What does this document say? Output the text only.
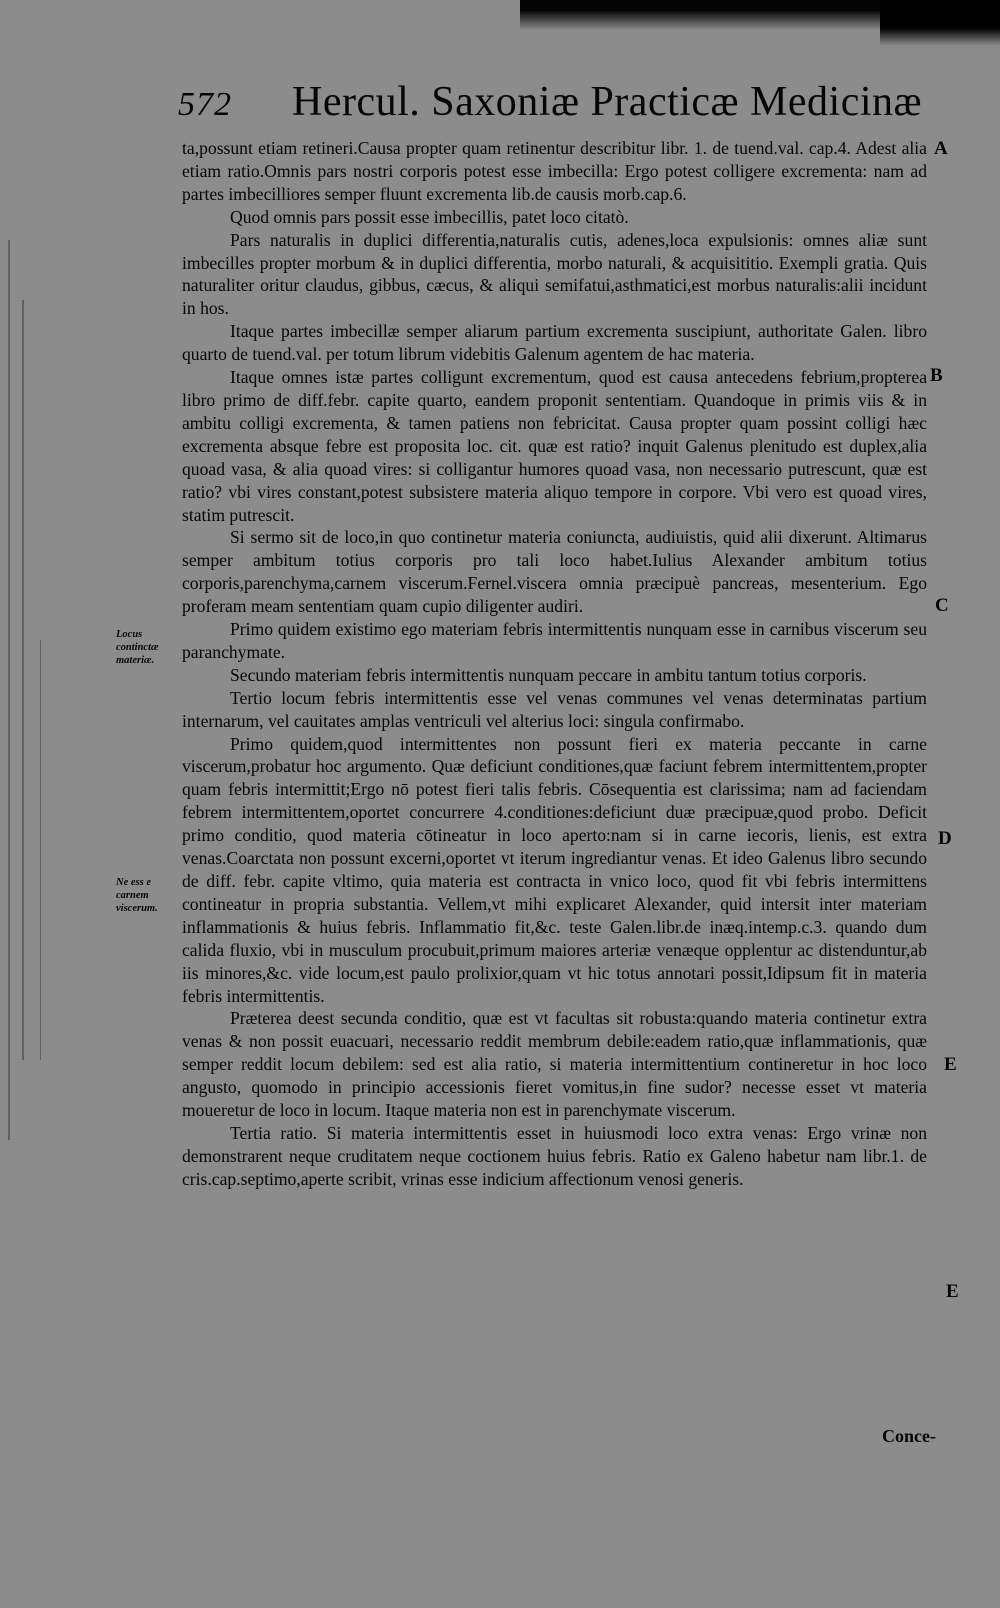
572 Hercul. Saxoniæ Practicæ Medicinæ

ta,possunt etiam retineri.Causa propter quam retinentur describitur libr. 1. de tuend.val. cap.4. Adest alia etiam ratio.Omnis pars nostri corporis potest esse imbecilla: Ergo potest colligere excrementa: nam ad partes imbecilliores semper fluunt excrementa lib.de causis morb.cap.6.

Quod omnis pars possit esse imbecillis, patet loco citatò.

Pars naturalis in duplici differentia,naturalis cutis, adenes,loca expulsionis: omnes aliæ sunt imbecilles propter morbum & in duplici differentia, morbo naturali, & acquisititio. Exempli gratia. Quis naturaliter oritur claudus, gibbus, cæcus, & aliqui semifatui,asthmatici,est morbus naturalis:alii incidunt in hos.

Itaque partes imbecillæ semper aliarum partium excrementa suscipiunt, authoritate Galen. libro quarto de tuend.val. per totum librum videbitis Galenum agentem de hac materia.

Itaque omnes istæ partes colligunt excrementum, quod est causa antecedens febrium,propterea libro primo de diff.febr. capite quarto, eandem proponit sententiam. Quandoque in primis viis & in ambitu colligi excrementa, & tamen patiens non febricitat. Causa propter quam possint colligi hæc excrementa absque febre est proposita loc. cit. quæ est ratio? inquit Galenus plenitudo est duplex,alia quoad vasa, & alia quoad vires: si colligantur humores quoad vasa, non necessario putrescunt, quæ est ratio? vbi vires constant,potest subsistere materia aliquo tempore in corpore. Vbi vero est quoad vires, statim putrescit.

Si sermo sit de loco,in quo continetur materia coniuncta, audiuistis, quid alii dixerunt. Altimarus semper ambitum totius corporis pro tali loco habet.Iulius Alexander ambitum totius corporis,parenchyma,carnem viscerum.Fernel.viscera omnia præcipuè pancreas, mesenterium. Ego proferam meam sententiam quam cupio diligenter audiri.

Primo quidem existimo ego materiam febris intermittentis nunquam esse in carnibus viscerum seu paranchymate.

Secundo materiam febris intermittentis nunquam peccare in ambitu tantum totius corporis.

Tertio locum febris intermittentis esse vel venas communes vel venas determinatas partium internarum, vel cauitates amplas ventriculi vel alterius loci: singula confirmabo.

Primo quidem,quod intermittentes non possunt fieri ex materia peccante in carne viscerum,probatur hoc argumento. Quæ deficiunt conditiones,quæ faciunt febrem intermittentem,propter quam febris intermittit;Ergo nō potest fieri talis febris. Cōsequentia est clarissima; nam ad faciendam febrem intermittentem,oportet concurrere 4.conditiones:deficiunt duæ præcipuæ,quod probo. Deficit primo conditio, quod materia cōtineatur in loco aperto:nam si in carne iecoris, lienis, est extra venas.Coarctata non possunt excerni,oportet vt iterum ingrediantur venas. Et ideo Galenus libro secundo de diff. febr. capite vltimo, quia materia est contracta in vnico loco, quod fit vbi febris intermittens contineatur in propria substantia. Vellem,vt mihi explicaret Alexander, quid intersit inter materiam inflammationis & huius febris. Inflammatio fit,&c. teste Galen.libr.de inæq.intemp.c.3. quando dum calida fluxio, vbi in musculum procubuit,primum maiores arteriæ venæque opplentur ac distenduntur,ab iis minores,&c. vide locum,est paulo prolixior,quam vt hic totus annotari possit,Idipsum fit in materia febris intermittentis.

Præterea deest secunda conditio, quæ est vt facultas sit robusta:quando materia continetur extra venas & non possit euacuari, necessario reddit membrum debile:eadem ratio,quæ inflammationis, quæ semper reddit locum debilem: sed est alia ratio, si materia intermittentium contineretur in hoc loco angusto, quomodo in principio accessionis fieret vomitus,in fine sudor? necesse esset vt materia moueretur de loco in locum. Itaque materia non est in parenchymate viscerum.

Tertia ratio. Si materia intermittentis esset in huiusmodi loco extra venas: Ergo vrinæ non demonstrarent neque cruditatem neque coctionem huius febris. Ratio ex Galeno habetur nam libr.1. de cris.cap.septimo,aperte scribit, vrinas esse indicium affectionum venosi generis.

Locus continctæ materiæ.
Ne ess e carnem viscerum.
A
B
C
D
E
E
Conce-
